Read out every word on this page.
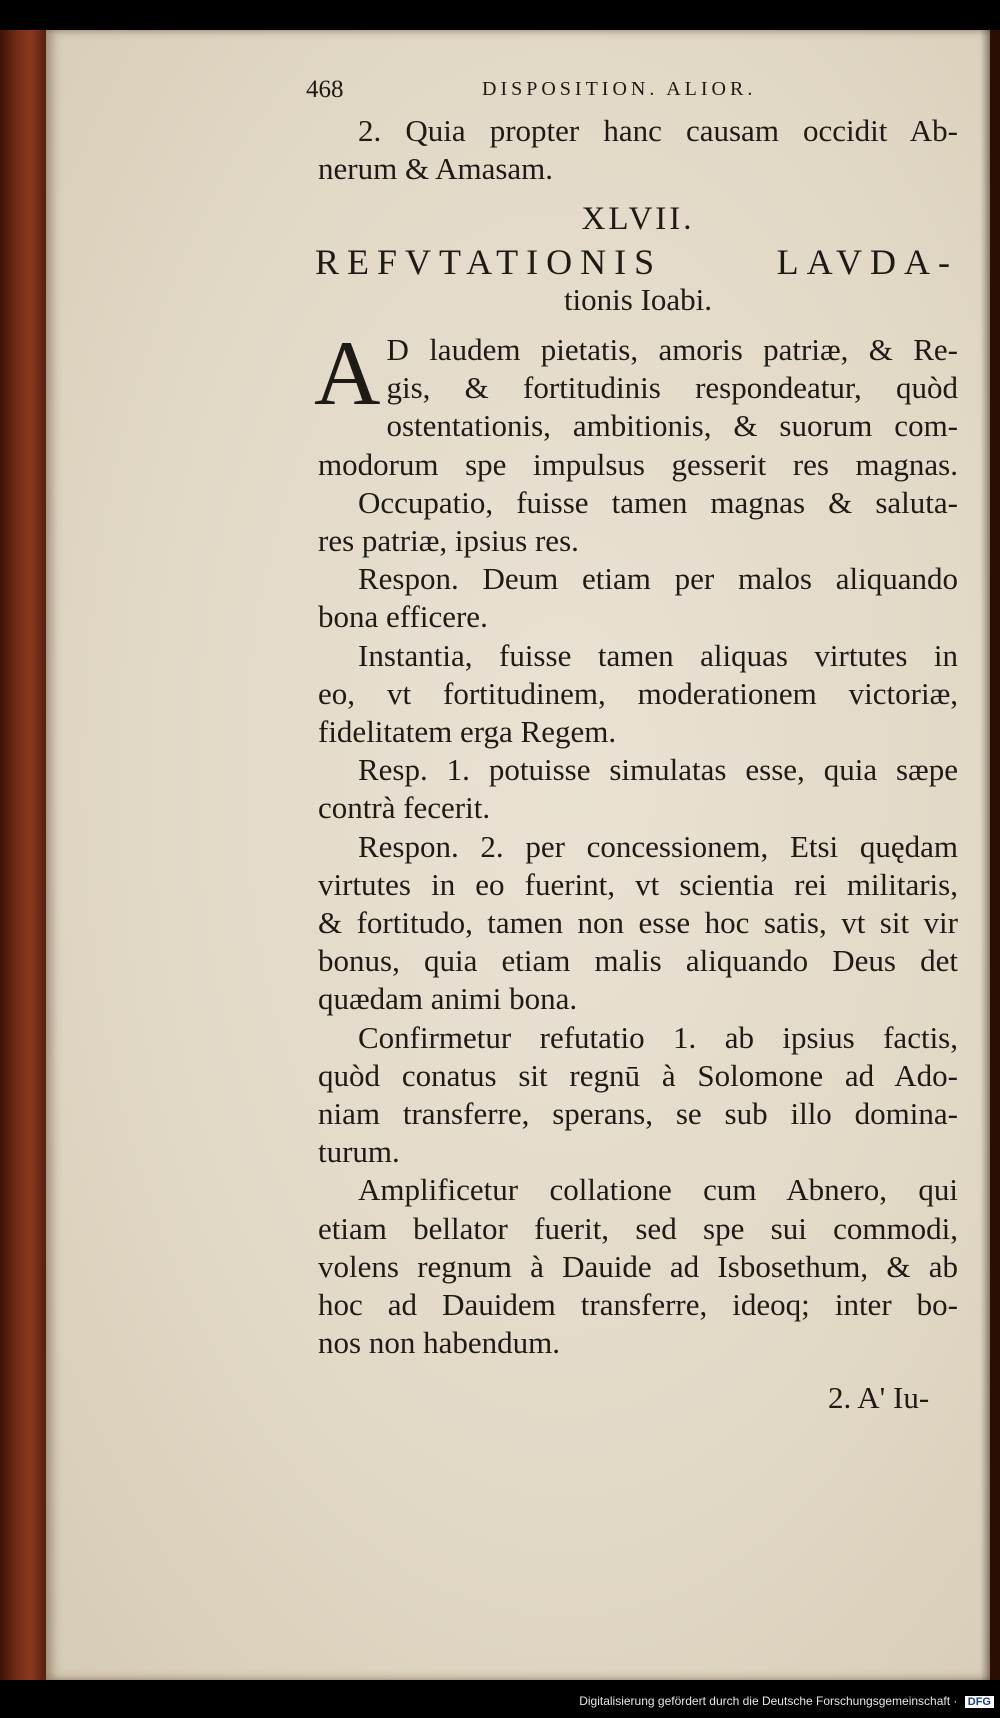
468	DISPOSITION. ALIOR.
2. Quia propter hanc causam occidit Ab-
nerum & Amasam.
XLVII.
REFVTATIONIS LAVDA-
tionis Ioabi.
A D laudem pietatis, amoris patriæ, & Re-
gis, & fortitudinis respondeatur, quòd
ostentationis, ambitionis, & suorum com-
modorum spe impulsus gesserit res magnas.
Occupatio, fuisse tamen magnas & saluta-
res patriæ, ipsius res.
Respon. Deum etiam per malos aliquando
bona efficere.
Instantia, fuisse tamen aliquas virtutes in
eo, vt fortitudinem, moderationem victoriæ,
fidelitatem erga Regem.
Resp. 1. potuisse simulatas esse, quia sæpe
contrà fecerit.
Respon. 2. per concessionem, Etsi quędam
virtutes in eo fuerint, vt scientia rei militaris,
& fortitudo, tamen non esse hoc satis, vt sit vir
bonus, quia etiam malis aliquando Deus det
quædam animi bona.
Confirmetur refutatio 1. ab ipsius factis,
quòd conatus sit regnū à Solomone ad Ado-
niam transferre, sperans, se sub illo domina-
turum.
Amplificetur collatione cum Abnero, qui
etiam bellator fuerit, sed spe sui commodi,
volens regnum à Dauide ad Isbosethum, & ab
hoc ad Dauidem transferre, ideoq; inter bo-
nos non habendum.
2. A' Iu-
Digitalisierung gefördert durch die Deutsche Forschungsgemeinschaft · DFG
